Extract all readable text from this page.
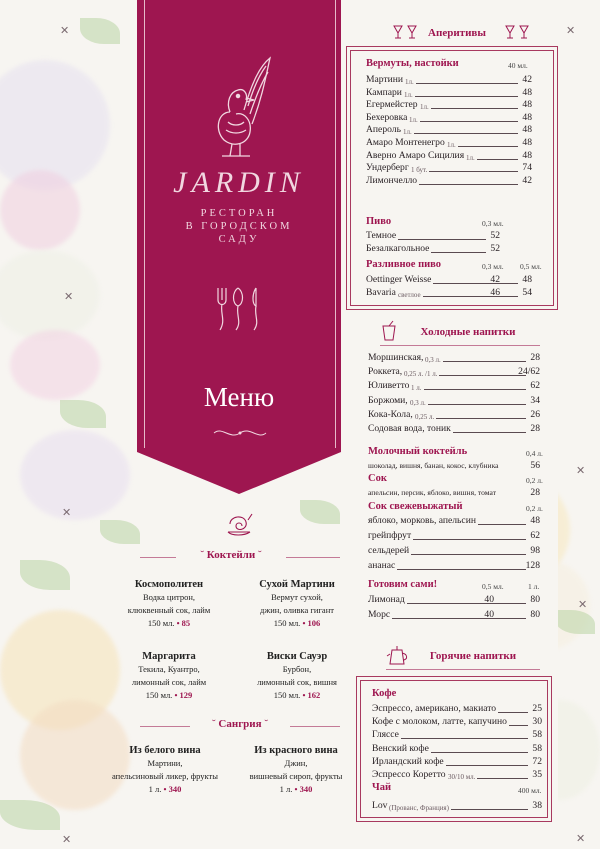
✕
✕
✕
✕
✕
✕
✕
✕
JARDIN
РЕСТОРАН
В ГОРОДСКОМ
САДУ
Меню
˘ Коктейли ˘
Космополитен
Водка цитрон,
клюквенный сок, лайм
150 мл. • 85
Сухой Мартини
Вермут сухой,
джин, оливка гигант
150 мл. • 106
Маргарита
Текила, Куантро,
лимонный сок, лайм
150 мл. • 129
Виски Сауэр
Бурбон,
лимонный сок, вишня
150 мл. • 162
˘ Сангрия ˘
Из белого вина
Мартини,
апельсиновый ликер, фрукты
1 л. • 340
Из красного вина
Джин,
вишневый сироп, фрукты
1 л. • 340
Аперитивы
Вермуты, настойки	40 мл.
Мартини 1л.	42
Кампари 1л.	48
Егермейстер 1л.	48
Бехеровка 1л.	48
Апероль 1л.	48
Амаро Монтенегро 1л.	48
Аверно Амаро Сицилия 1л.	48
Ундерберг 1 бут.	74
Лимончелло	42
Пиво	0,3 мл.
Темное	52
Безалкагольное	52
Разливное пиво	0,3 мл. 0,5 мл.
Oettinger Weisse	42 48
Bavaria светлое	46 54
Холодные напитки
Моршинская, 0,3 л.	28
Роккета, 0,25 л. /1 л.	24/62
Юливетто 1 л.	62
Боржоми, 0,3 л.	34
Кока-Кола, 0,25 л.	26
Содовая вода, тоник	28
Молочный коктейль	0,4 л.
шоколад, вишня, банан, кокос, клубника	56
Сок	0,2 л.
апельсин, персик, яблоко, вишня, томат	28
Сок свежевыжатый	0,2 л.
яблоко, морковь, апельсин	48
грейпфрут	62
сельдерей	98
ананас	128
Готовим сами!	0,5 мл.	1 л.
Лимонад	40	80
Морс	40	80
Горячие напитки
Кофе
Эспрессо, американо, макиато	25
Кофе с молоком, латте, капучино	30
Гляссе	58
Венский кофе	58
Ирландский кофе	72
Эспрессо Коретто 30/10 мл.	35
Чай	400 мл.
Lov (Прованс, Франция)	38
